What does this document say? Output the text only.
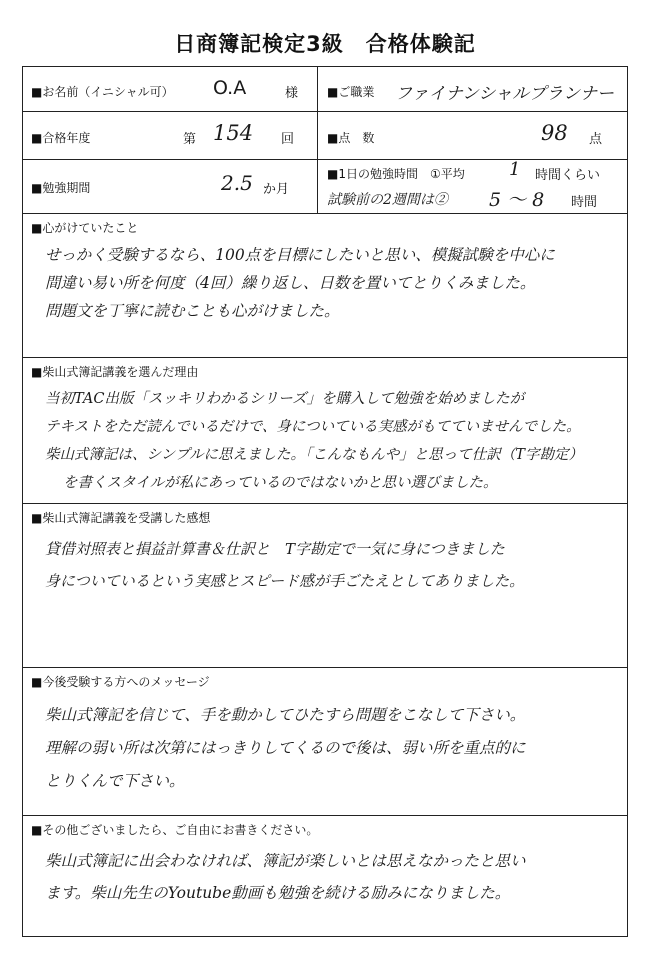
日商簿記検定3級　合格体験記
■お名前（イニシャル可） O.A	様 ■ご職業 ファイナンシャルプランナー
■合格年度	第 154 回	■点　数	98 点
■勉強期間	2.5 か月
■1日の勉強時間　①平均 1 時間くらい
試験前の2週間は② 5 ～ 8 時間
■心がけていたこと
せっかく受験するなら、100点を目標にしたいと思い、模擬試験を中心に
間違い易い所を何度（4回）繰り返し、日数を置いてとりくみました。
問題文を丁寧に読むことも心がけました。
■柴山式簿記講義を選んだ理由
当初TAC出版「スッキリわかるシリーズ」を購入して勉強を始めましたが
テキストをただ読んでいるだけで、身についている実感がもてていませんでした。
柴山式簿記は、シンプルに思えました。「こんなもんや」と思って仕訳（T字勘定）
を書くスタイルが私にあっているのではないかと思い選びました。
■柴山式簿記講義を受講した感想
貸借対照表と損益計算書＆仕訳と　T字勘定で一気に身につきました
身についているという実感とスピード感が手ごたえとしてありました。
■今後受験する方へのメッセージ
柴山式簿記を信じて、手を動かしてひたすら問題をこなして下さい。
理解の弱い所は次第にはっきりしてくるので後は、弱い所を重点的に
とりくんで下さい。
■その他ございましたら、ご自由にお書きください。
柴山式簿記に出会わなければ、簿記が楽しいとは思えなかったと思い
ます。柴山先生のYoutube動画も勉強を続ける励みになりました。
